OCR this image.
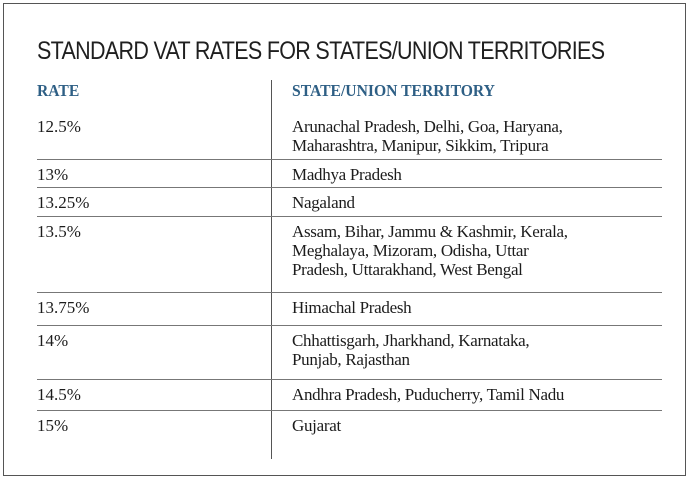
STANDARD VAT RATES FOR STATES/UNION TERRITORIES
RATE	STATE/UNION TERRITORY
12.5%	Arunachal Pradesh, Delhi, Goa, Haryana,
Maharashtra, Manipur, Sikkim, Tripura
13%	Madhya Pradesh
13.25%	Nagaland
13.5%	Assam, Bihar, Jammu & Kashmir, Kerala,
Meghalaya, Mizoram, Odisha, Uttar
Pradesh, Uttarakhand, West Bengal
13.75%	Himachal Pradesh
14%	Chhattisgarh, Jharkhand, Karnataka,
Punjab, Rajasthan
14.5%	Andhra Pradesh, Puducherry, Tamil Nadu
15%	Gujarat
